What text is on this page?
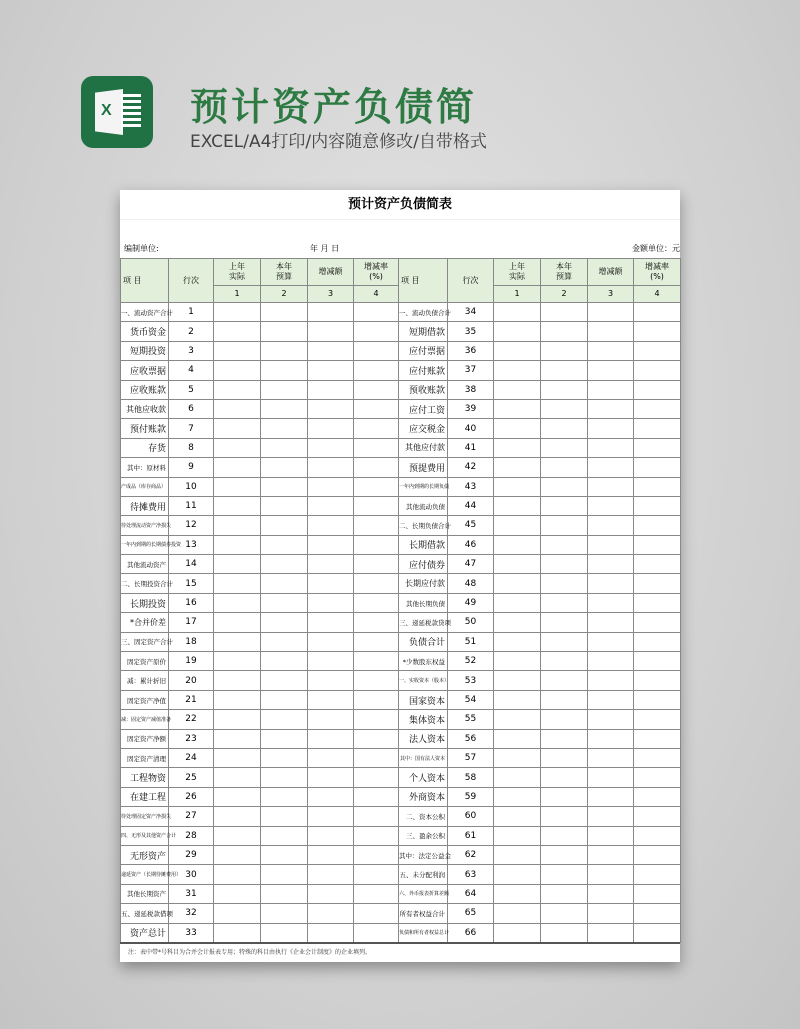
X 预计资产负债简
EXCEL/A4打印/内容随意修改/自带格式
预计资产负债简表
编制单位:	年 月 日	金额单位：元
项 目	行次	上年实际	本年预算	增减额	增减率(%)	项 目	行次	上年实际	本年预算	增减额	增减率(%)
		1	2	3	4			1	2	3	4
一、流动资产合计	1					一、流动负债合计	34				
货币资金	2					短期借款	35				
短期投资	3					应付票据	36				
应收票据	4					应付账款	37				
应收账款	5					预收账款	38				
其他应收款	6					应付工资	39				
预付账款	7					应交税金	40				
存货	8					其他应付款	41				
其中：原材料	9					预提费用	42				
产成品（库存商品）	10					一年内到期的长期负债	43				
待摊费用	11					其他流动负债	44				
待处理流动资产净损失	12					二、长期负债合计	45				
一年内到期的长期债券投资	13					长期借款	46				
其他流动资产	14					应付债券	47				
二、长期投资合计	15					长期应付款	48				
长期投资	16					其他长期负债	49				
*合并价差	17					三、递延税款贷项	50				
三、固定资产合计	18					负债合计	51				
固定资产原价	19					*少数股东权益	52				
减：累计折旧	20					一、实收资本（股本）	53				
固定资产净值	21					国家资本	54				
减：固定资产减值准备	22					集体资本	55				
固定资产净额	23					法人资本	56				
固定资产清理	24					其中：国有法人资本	57				
工程物资	25					个人资本	58				
在建工程	26					外商资本	59				
待处理固定资产净损失	27					二、资本公积	60				
四、无形及其他资产合计	28					三、盈余公积	61				
无形资产	29					其中：法定公益金	62				
递延资产（长期待摊费用）	30					五、未分配利润	63				
其他长期资产	31					六、外币报表折算差额	64				
五、递延税款借项	32					所有者权益合计	65				
资产总计	33					负债和所有者权益总计	66				
注：表中带*号科目为合并会计报表专用；特殊的科目由执行《企业会计制度》的企业填列。
